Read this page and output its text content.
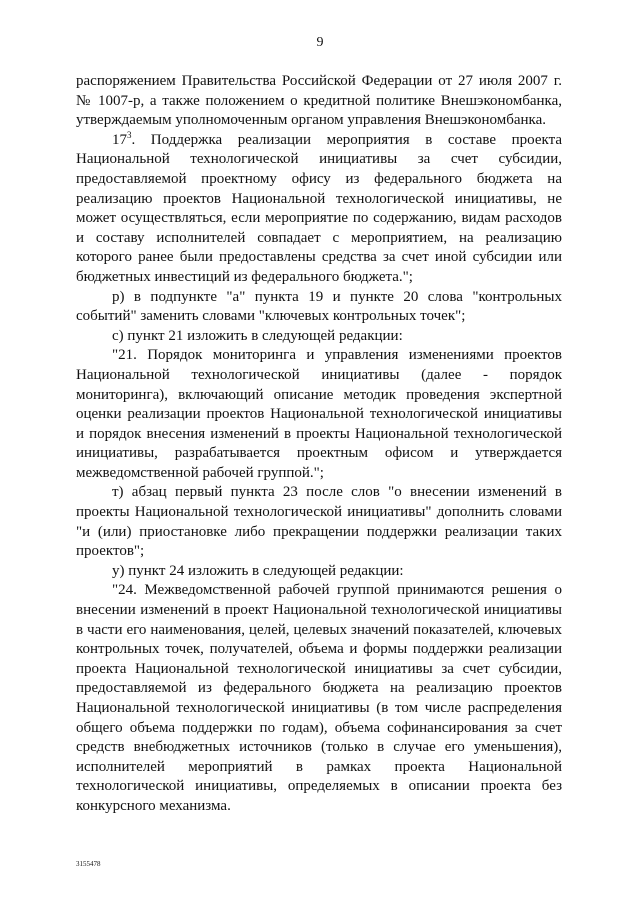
9

распоряжением Правительства Российской Федерации от 27 июля 2007 г. № 1007-р, а также положением о кредитной политике Внешэкономбанка, утверждаемым уполномоченным органом управления Внешэкономбанка.

$17^3$. Поддержка реализации мероприятия в составе проекта Национальной технологической инициативы за счет субсидии, предоставляемой проектному офису из федерального бюджета на реализацию проектов Национальной технологической инициативы, не может осуществляться, если мероприятие по содержанию, видам расходов и составу исполнителей совпадает с мероприятием, на реализацию которого ранее были предоставлены средства за счет иной субсидии или бюджетных инвестиций из федерального бюджета.";

р) в подпункте "а" пункта 19 и пункте 20 слова "контрольных событий" заменить словами "ключевых контрольных точек";

с) пункт 21 изложить в следующей редакции:

"21. Порядок мониторинга и управления изменениями проектов Национальной технологической инициативы (далее - порядок мониторинга), включающий описание методик проведения экспертной оценки реализации проектов Национальной технологической инициативы и порядок внесения изменений в проекты Национальной технологической инициативы, разрабатывается проектным офисом и утверждается межведомственной рабочей группой.";

т) абзац первый пункта 23 после слов "о внесении изменений в проекты Национальной технологической инициативы" дополнить словами "и (или) приостановке либо прекращении поддержки реализации таких проектов";

у) пункт 24 изложить в следующей редакции:

"24. Межведомственной рабочей группой принимаются решения о внесении изменений в проект Национальной технологической инициативы в части его наименования, целей, целевых значений показателей, ключевых контрольных точек, получателей, объема и формы поддержки реализации проекта Национальной технологической инициативы за счет субсидии, предоставляемой из федерального бюджета на реализацию проектов Национальной технологической инициативы (в том числе распределения общего объема поддержки по годам), объема софинансирования за счет средств внебюджетных источников (только в случае его уменьшения), исполнителей мероприятий в рамках проекта Национальной технологической инициативы, определяемых в описании проекта без конкурсного механизма.

3155478
